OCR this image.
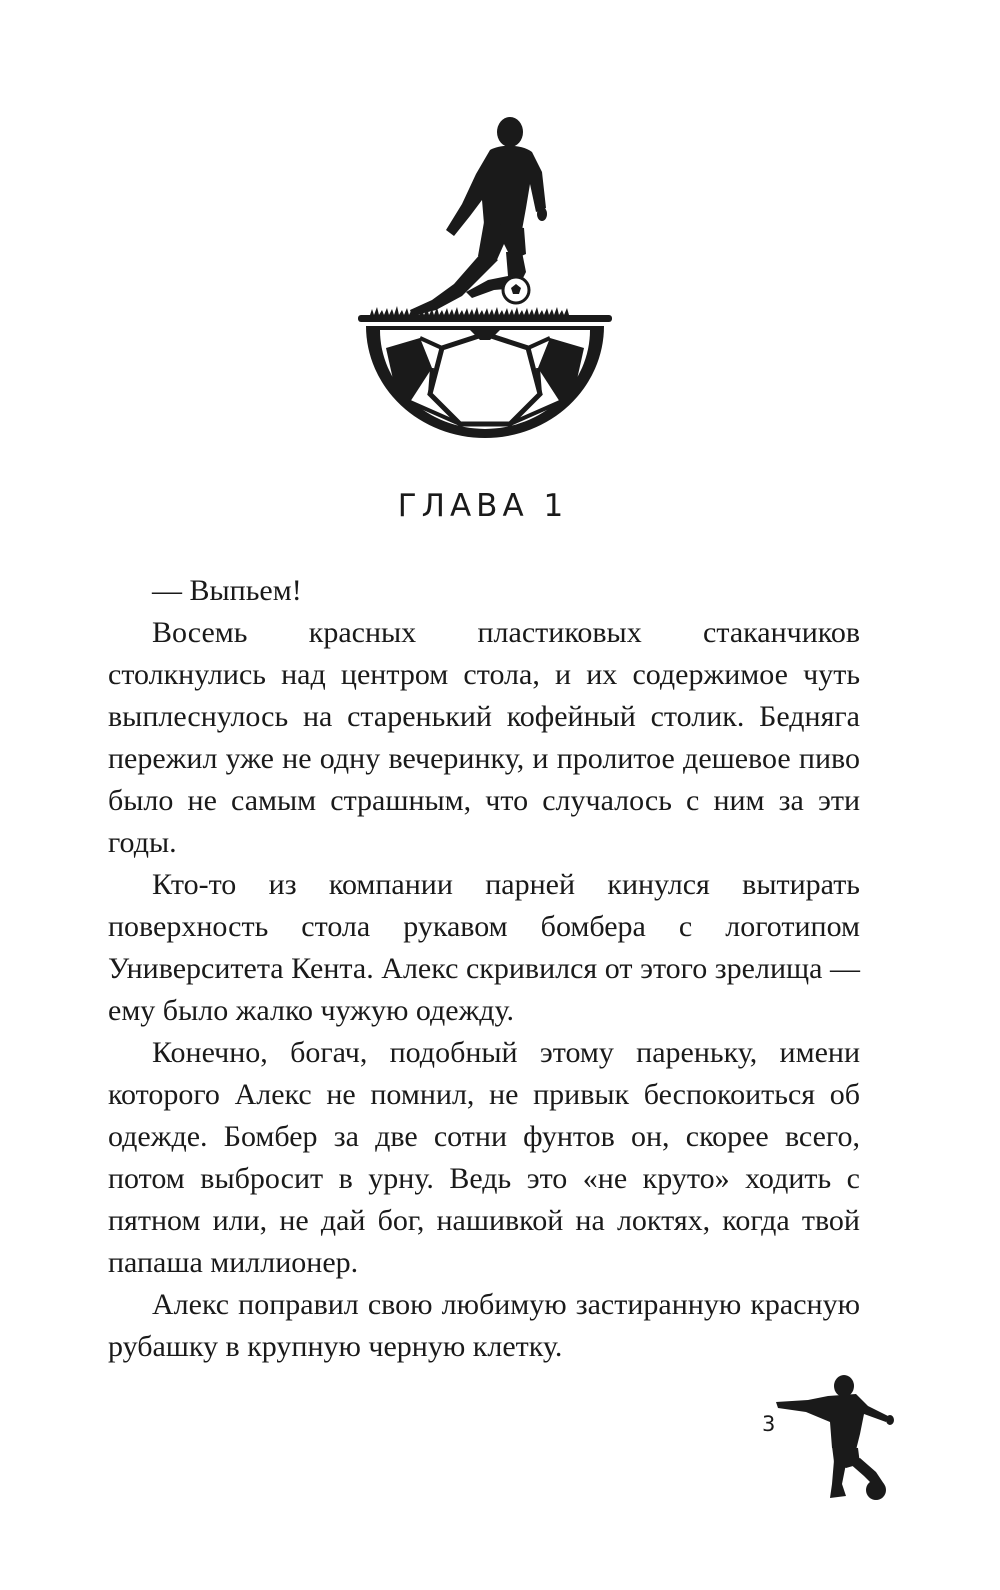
ГЛАВА 1

— Выпьем!

Восемь красных пластиковых стаканчиков столкнулись над центром стола, и их содержимое чуть выплеснулось на старенький кофейный столик. Бедняга пережил уже не одну вечеринку, и пролитое дешевое пиво было не самым страшным, что случалось с ним за эти годы.

Кто-то из компании парней кинулся вытирать поверхность стола рукавом бомбера с логотипом Университета Кента. Алекс скривился от этого зрелища — ему было жалко чужую одежду.

Конечно, богач, подобный этому пареньку, имени которого Алекс не помнил, не привык беспокоиться об одежде. Бомбер за две сотни фунтов он, скорее всего, потом выбросит в урну. Ведь это «не круто» ходить с пятном или, не дай бог, нашивкой на локтях, когда твой папаша миллионер.

Алекс поправил свою любимую застиранную красную рубашку в крупную черную клетку.

3
